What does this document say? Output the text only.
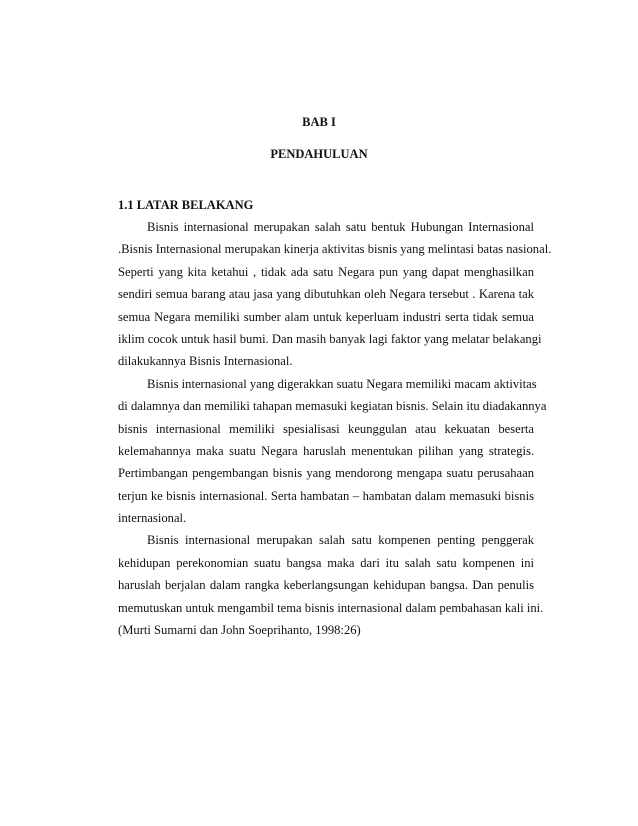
BAB I
PENDAHULUAN
1.1 LATAR BELAKANG
Bisnis internasional merupakan salah satu bentuk Hubungan Internasional
.Bisnis Internasional merupakan kinerja aktivitas bisnis yang melintasi batas nasional.
Seperti yang kita ketahui , tidak ada satu Negara pun yang dapat menghasilkan
sendiri semua barang atau jasa yang dibutuhkan oleh Negara tersebut . Karena tak
semua Negara memiliki sumber alam untuk keperluam industri serta tidak semua
iklim cocok untuk hasil bumi. Dan masih banyak lagi faktor yang melatar belakangi
dilakukannya Bisnis Internasional.
Bisnis internasional yang digerakkan suatu Negara memiliki macam aktivitas
di dalamnya dan memiliki tahapan memasuki kegiatan bisnis. Selain itu diadakannya
bisnis internasional memiliki spesialisasi keunggulan atau kekuatan beserta
kelemahannya maka suatu Negara haruslah menentukan pilihan yang strategis.
Pertimbangan pengembangan bisnis yang mendorong mengapa suatu perusahaan
terjun ke bisnis internasional. Serta hambatan – hambatan dalam memasuki bisnis
internasional.
Bisnis internasional merupakan salah satu kompenen penting penggerak
kehidupan perekonomian suatu bangsa maka dari itu salah satu kompenen ini
haruslah berjalan dalam rangka keberlangsungan kehidupan bangsa. Dan penulis
memutuskan untuk mengambil tema bisnis internasional dalam pembahasan kali ini.
(Murti Sumarni dan John Soeprihanto, 1998:26)
